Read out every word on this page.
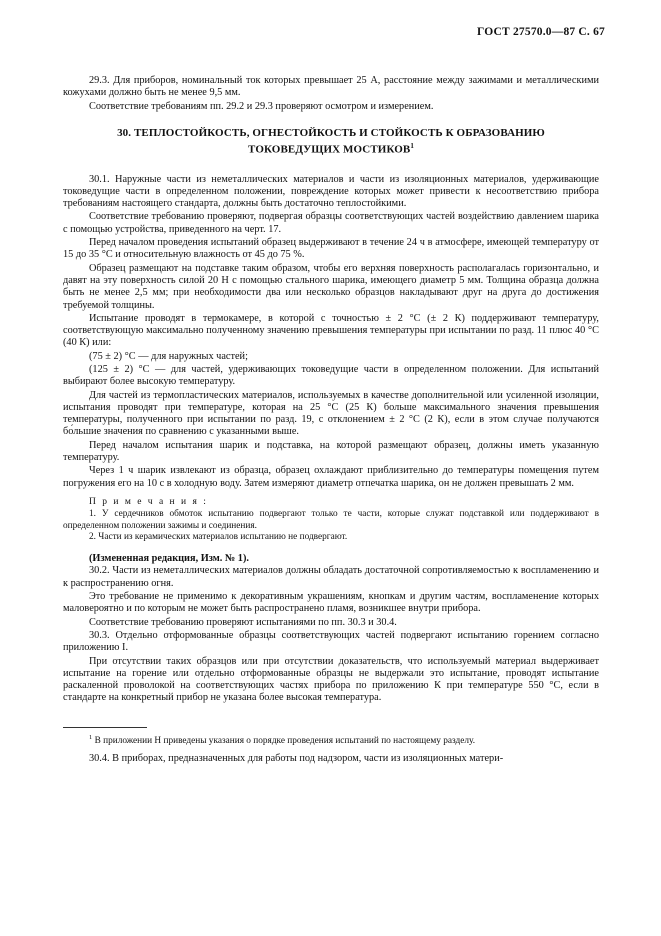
ГОСТ 27570.0—87 С. 67

29.3. Для приборов, номинальный ток которых превышает 25 А, расстояние между зажимами и металлическими кожухами должно быть не менее 9,5 мм.

Соответствие требованиям пп. 29.2 и 29.3 проверяют осмотром и измерением.

30. ТЕПЛОСТОЙКОСТЬ, ОГНЕСТОЙКОСТЬ И СТОЙКОСТЬ К ОБРАЗОВАНИЮ
ТОКОВЕДУЩИХ МОСТИКОВ$^1$

30.1. Наружные части из неметаллических материалов и части из изоляционных материалов, удерживающие токоведущие части в определенном положении, повреждение которых может привести к несоответствию прибора требованиям настоящего стандарта, должны быть достаточно теплостойкими.

Соответствие требованию проверяют, подвергая образцы соответствующих частей воздействию давлением шарика с помощью устройства, приведенного на черт. 17.

Перед началом проведения испытаний образец выдерживают в течение 24 ч в атмосфере, имеющей температуру от 15 до 35 °С и относительную влажность от 45 до 75 %.

Образец размещают на подставке таким образом, чтобы его верхняя поверхность располагалась горизонтально, и давят на эту поверхность силой 20 Н с помощью стального шарика, имеющего диаметр 5 мм. Толщина образца должна быть не менее 2,5 мм; при необходимости два или несколько образцов накладывают друг на друга до достижения требуемой толщины.

Испытание проводят в термокамере, в которой с точностью ± 2 °С (± 2 К) поддерживают температуру, соответствующую максимально полученному значению превышения температуры при испытании по разд. 11 плюс 40 °С (40 К) или:

(75 ± 2) °С — для наружных частей;

(125 ± 2) °С — для частей, удерживающих токоведущие части в определенном положении. Для испытаний выбирают более высокую температуру.

Для частей из термопластических материалов, используемых в качестве дополнительной или усиленной изоляции, испытания проводят при температуре, которая на 25 °С (25 К) больше максимального значения превышения температуры, полученного при испытании по разд. 19, с отклонением ± 2 °С (2 К), если в этом случае получаются бо́льшие значения по сравнению с указанными выше.

Перед началом испытания шарик и подставка, на которой размещают образец, должны иметь указанную температуру.

Через 1 ч шарик извлекают из образца, образец охлаждают приблизительно до температуры помещения путем погружения его на 10 с в холодную воду. Затем измеряют диаметр отпечатка шарика, он не должен превышать 2 мм.

П р и м е ч а н и я :

1. У сердечников обмоток испытанию подвергают только те части, которые служат подставкой или поддерживают в определенном положении зажимы и соединения.

2. Части из керамических материалов испытанию не подвергают.

(Измененная редакция, Изм. № 1).

30.2. Части из неметаллических материалов должны обладать достаточной сопротивляемостью к воспламенению и к распространению огня.

Это требование не применимо к декоративным украшениям, кнопкам и другим частям, воспламенение которых маловероятно и по которым не может быть распространено пламя, возникшее внутри прибора.

Соответствие требованию проверяют испытаниями по пп. 30.3 и 30.4.

30.3. Отдельно отформованные образцы соответствующих частей подвергают испытанию горением согласно приложению I.

При отсутствии таких образцов или при отсутствии доказательств, что используемый материал выдерживает испытание на горение или отдельно отформованные образцы не выдержали это испытание, проводят испытание раскаленной проволокой на соответствующих частях прибора по приложению К при температуре 550 °С, если в стандарте на конкретный прибор не указана более высокая температура.

$^1$ В приложении Н приведены указания о порядке проведения испытаний по настоящему разделу.

30.4. В приборах, предназначенных для работы под надзором, части из изоляционных матери-
